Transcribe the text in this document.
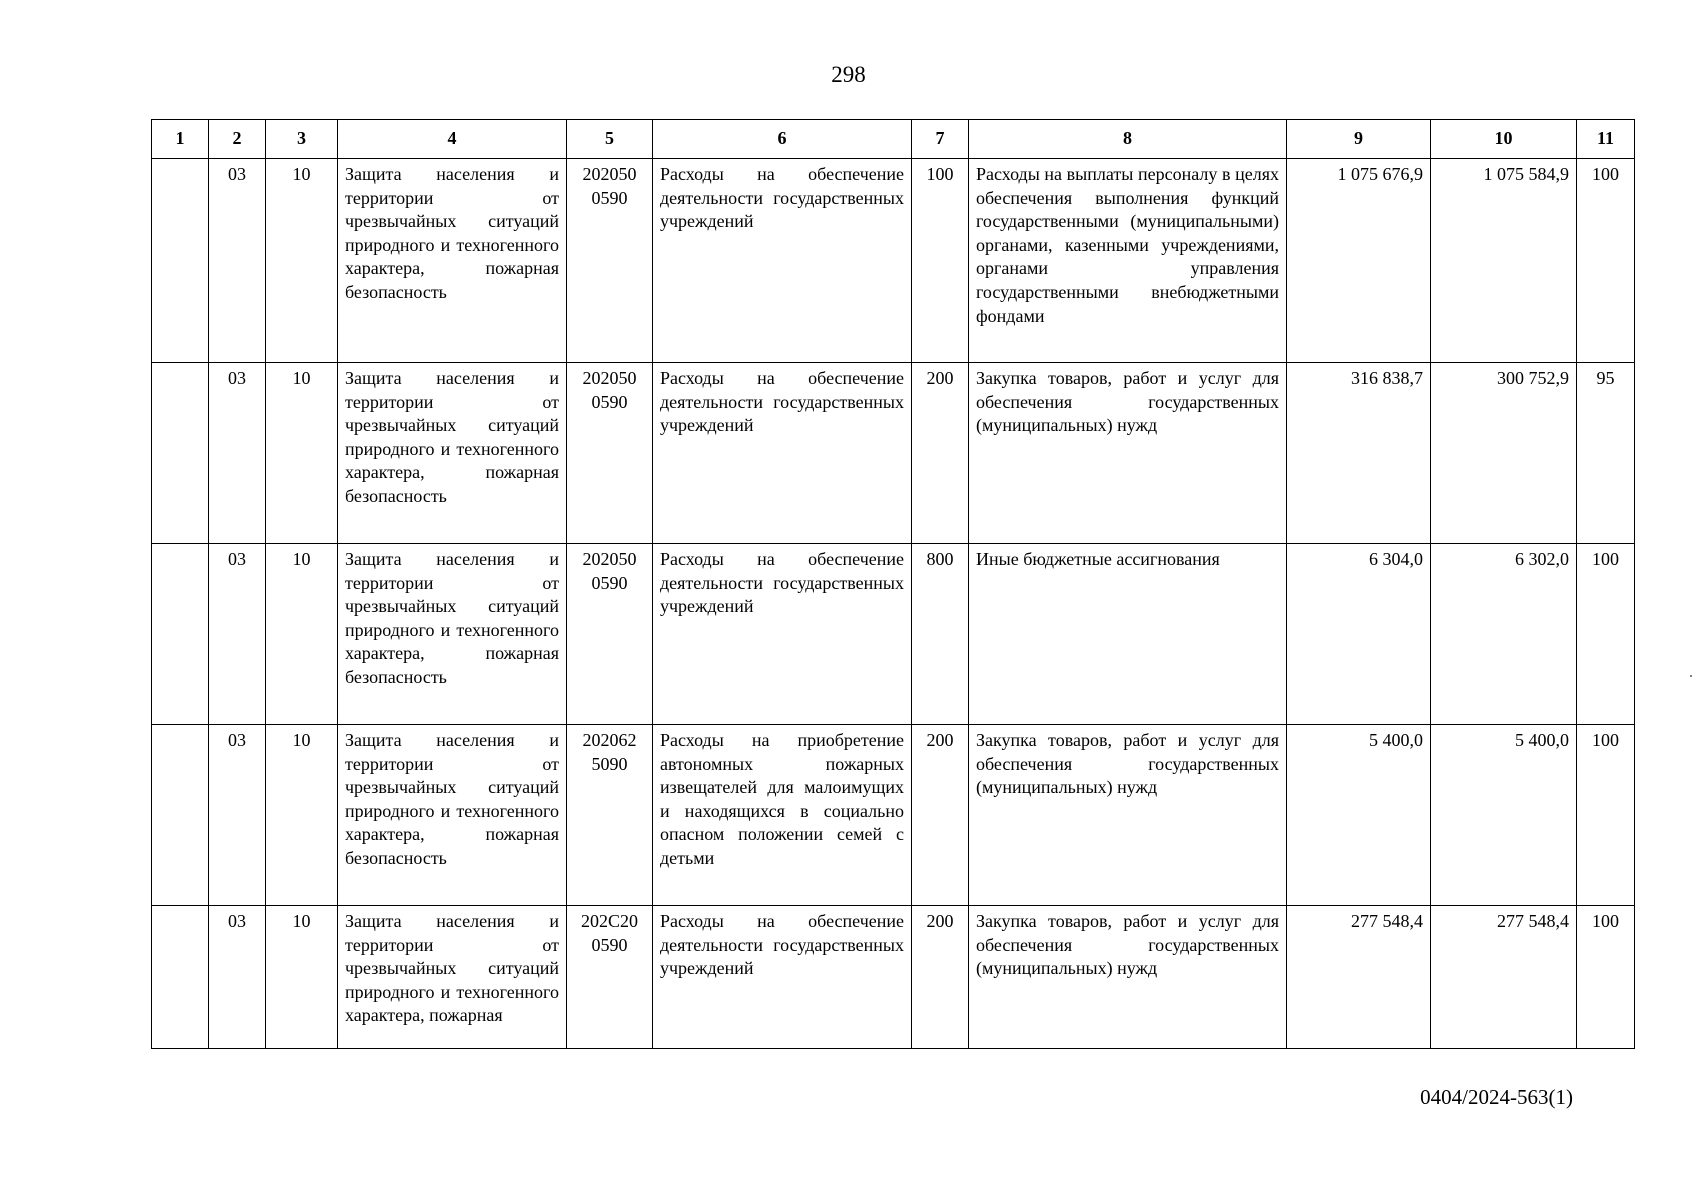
298
1	2	3	4	5	6	7	8	9	10	11
	03	10	Защита населения и территории от чрезвычайных ситуаций природного и техногенного характера, пожарная безопасность	202050 0590	Расходы на обеспечение деятельности государственных учреждений	100	Расходы на выплаты персоналу в целях обеспечения выполнения функций государственными (муниципальными) органами, казенными учреждениями, органами управления государственными внебюджетными фондами	1 075 676,9	1 075 584,9	100
	03	10	Защита населения и территории от чрезвычайных ситуаций природного и техногенного характера, пожарная безопасность	202050 0590	Расходы на обеспечение деятельности государственных учреждений	200	Закупка товаров, работ и услуг для обеспечения государственных (муниципальных) нужд	316 838,7	300 752,9	95
	03	10	Защита населения и территории от чрезвычайных ситуаций природного и техногенного характера, пожарная безопасность	202050 0590	Расходы на обеспечение деятельности государственных учреждений	800	Иные бюджетные ассигнования	6 304,0	6 302,0	100
	03	10	Защита населения и территории от чрезвычайных ситуаций природного и техногенного характера, пожарная безопасность	202062 5090	Расходы на приобретение автономных пожарных извещателей для малоимущих и находящихся в социально опасном положении семей с детьми	200	Закупка товаров, работ и услуг для обеспечения государственных (муниципальных) нужд	5 400,0	5 400,0	100
	03	10	Защита населения и территории от чрезвычайных ситуаций природного и техногенного характера, пожарная	202С20 0590	Расходы на обеспечение деятельности государственных учреждений	200	Закупка товаров, работ и услуг для обеспечения государственных (муниципальных) нужд	277 548,4	277 548,4	100
0404/2024-563(1)
